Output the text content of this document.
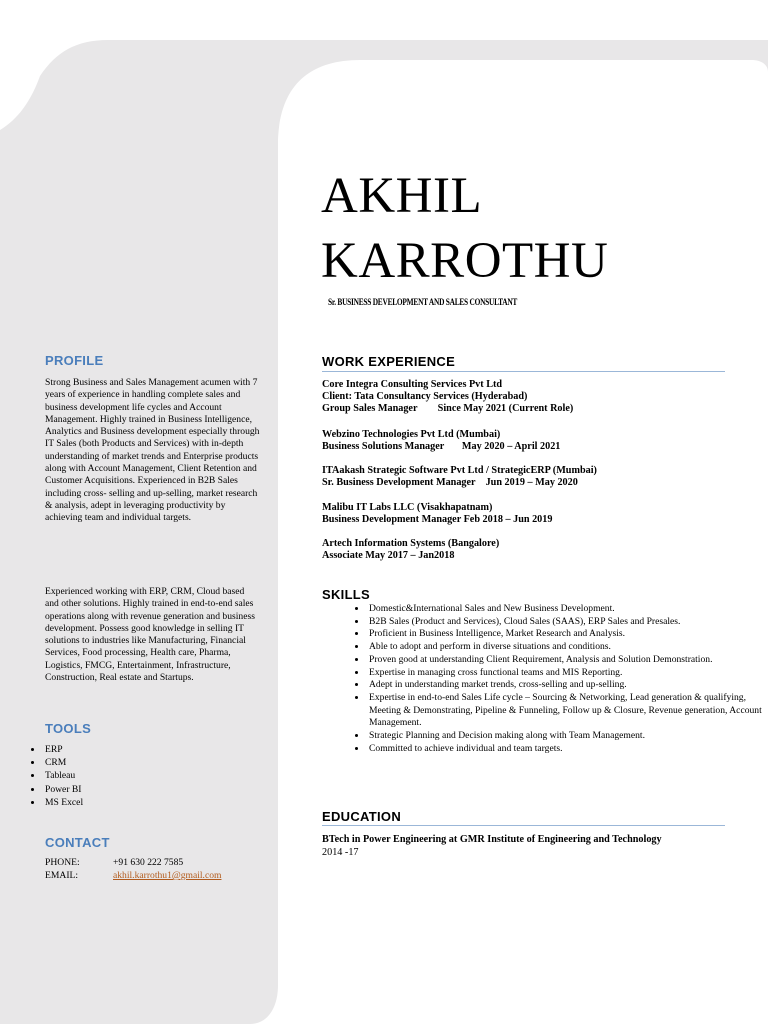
PROFILE
Strong Business and Sales Management acumen with 7 years of experience in handling complete sales and business development life cycles and Account Management. Highly trained in Business Intelligence, Analytics and Business development especially through IT Sales (both Products and Services) with in-depth understanding of market trends and Enterprise products along with Account Management, Client Retention and Customer Acquisitions. Experienced in B2B Sales including cross- selling and up-selling, market research & analysis, adept in leveraging productivity by achieving team and individual targets.
Experienced working with ERP, CRM, Cloud based and other solutions. Highly trained in end-to-end sales operations along with revenue generation and business development. Possess good knowledge in selling IT solutions to industries like Manufacturing, Financial Services, Food processing, Health care, Pharma, Logistics, FMCG, Entertainment, Infrastructure, Construction, Real estate and Startups.
TOOLS
CONTACT
PHONE:	+91 630 222 7585
EMAIL:	akhil.karrothu1@gmail.com
• ERP
• CRM
• Tableau
• Power BI
• MS Excel
AKHIL
KARROTHU
Sr. BUSINESS DEVELOPMENT AND SALES CONSULTANT
WORK EXPERIENCE
Core Integra Consulting Services Pvt Ltd
Client: Tata Consultancy Services (Hyderabad)
Group Sales Manager        Since May 2021 (Current Role)
Webzino Technologies Pvt Ltd (Mumbai)
Business Solutions Manager       May 2020 – April 2021
ITAakash Strategic Software Pvt Ltd / StrategicERP (Mumbai)
Sr. Business Development Manager    Jun 2019 – May 2020
Malibu IT Labs LLC (Visakhapatnam)
Business Development Manager Feb 2018 – Jun 2019
Artech Information Systems (Bangalore)
Associate May 2017 – Jan2018
SKILLS
• Domestic&International Sales and New Business Development.
• B2B Sales (Product and Services), Cloud Sales (SAAS), ERP Sales and Presales.
• Proficient in Business Intelligence, Market Research and Analysis.
• Able to adopt and perform in diverse situations and conditions.
• Proven good at understanding Client Requirement, Analysis and Solution Demonstration.
• Expertise in managing cross functional teams and MIS Reporting.
• Adept in understanding market trends, cross-selling and up-selling.
• Expertise in end-to-end Sales Life cycle – Sourcing & Networking, Lead generation & qualifying, Meeting & Demonstrating, Pipeline & Funneling, Follow up & Closure, Revenue generation, Account Management.
• Strategic Planning and Decision making along with Team Management.
• Committed to achieve individual and team targets.
EDUCATION
BTech in Power Engineering at GMR Institute of Engineering and Technology
2014 -17
